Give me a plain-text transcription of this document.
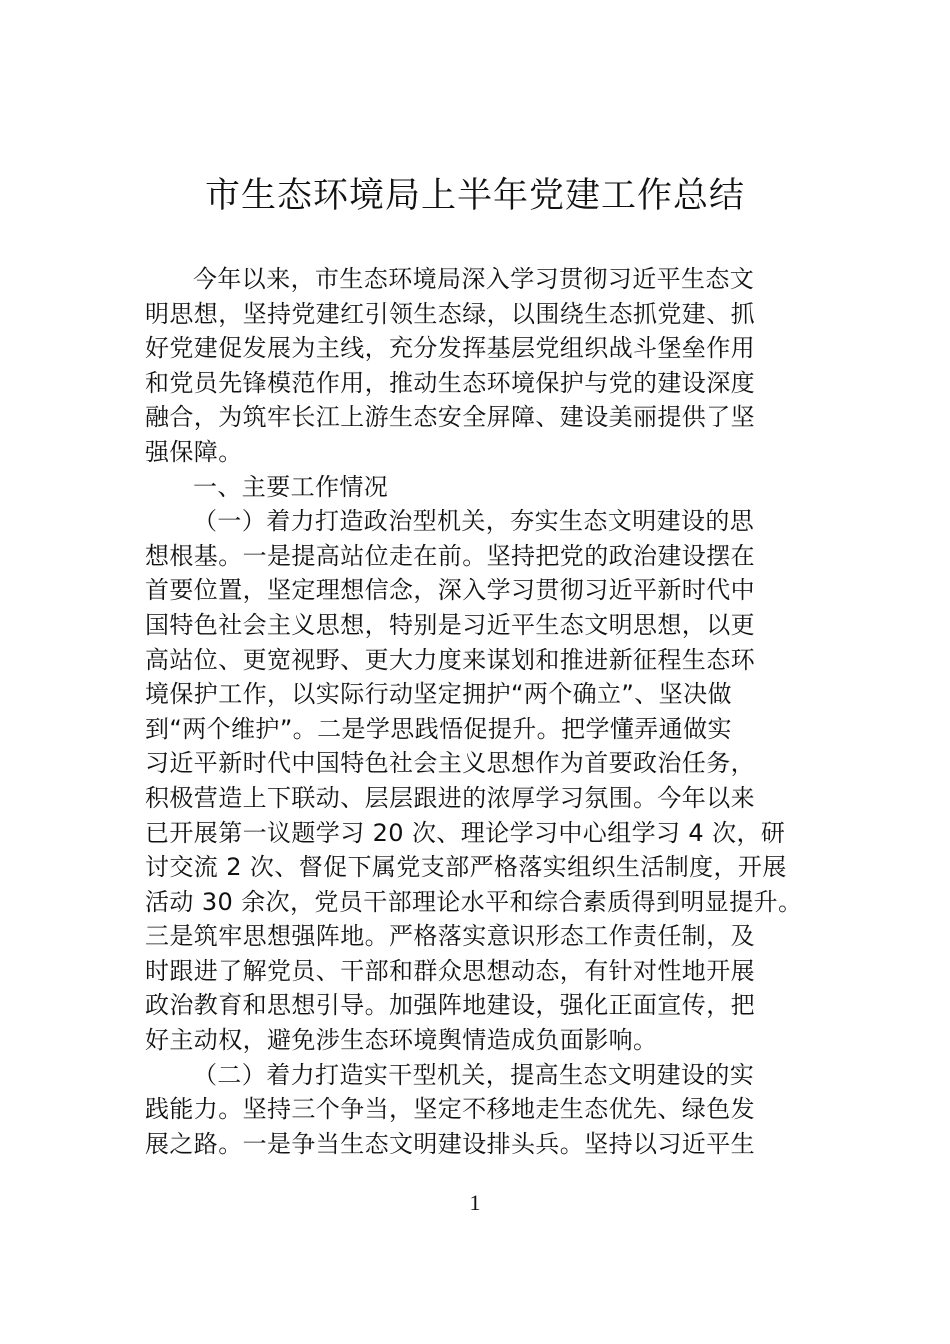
市生态环境局上半年党建工作总结
今年以来，市生态环境局深入学习贯彻习近平生态文
明思想，坚持党建红引领生态绿，以围绕生态抓党建、抓
好党建促发展为主线，充分发挥基层党组织战斗堡垒作用
和党员先锋模范作用，推动生态环境保护与党的建设深度
融合，为筑牢长江上游生态安全屏障、建设美丽提供了坚
强保障。
一、主要工作情况
（一）着力打造政治型机关，夯实生态文明建设的思
想根基。一是提高站位走在前。坚持把党的政治建设摆在
首要位置，坚定理想信念，深入学习贯彻习近平新时代中
国特色社会主义思想，特别是习近平生态文明思想，以更
高站位、更宽视野、更大力度来谋划和推进新征程生态环
境保护工作，以实际行动坚定拥护“两个确立”、坚决做
到“两个维护”。二是学思践悟促提升。把学懂弄通做实
习近平新时代中国特色社会主义思想作为首要政治任务，
积极营造上下联动、层层跟进的浓厚学习氛围。今年以来
已开展第一议题学习 20 次、理论学习中心组学习 4 次，研
讨交流 2 次、督促下属党支部严格落实组织生活制度，开展
活动 30 余次，党员干部理论水平和综合素质得到明显提升。
三是筑牢思想强阵地。严格落实意识形态工作责任制，及
时跟进了解党员、干部和群众思想动态，有针对性地开展
政治教育和思想引导。加强阵地建设，强化正面宣传，把
好主动权，避免涉生态环境舆情造成负面影响。
（二）着力打造实干型机关，提高生态文明建设的实
践能力。坚持三个争当，坚定不移地走生态优先、绿色发
展之路。一是争当生态文明建设排头兵。坚持以习近平生
1
